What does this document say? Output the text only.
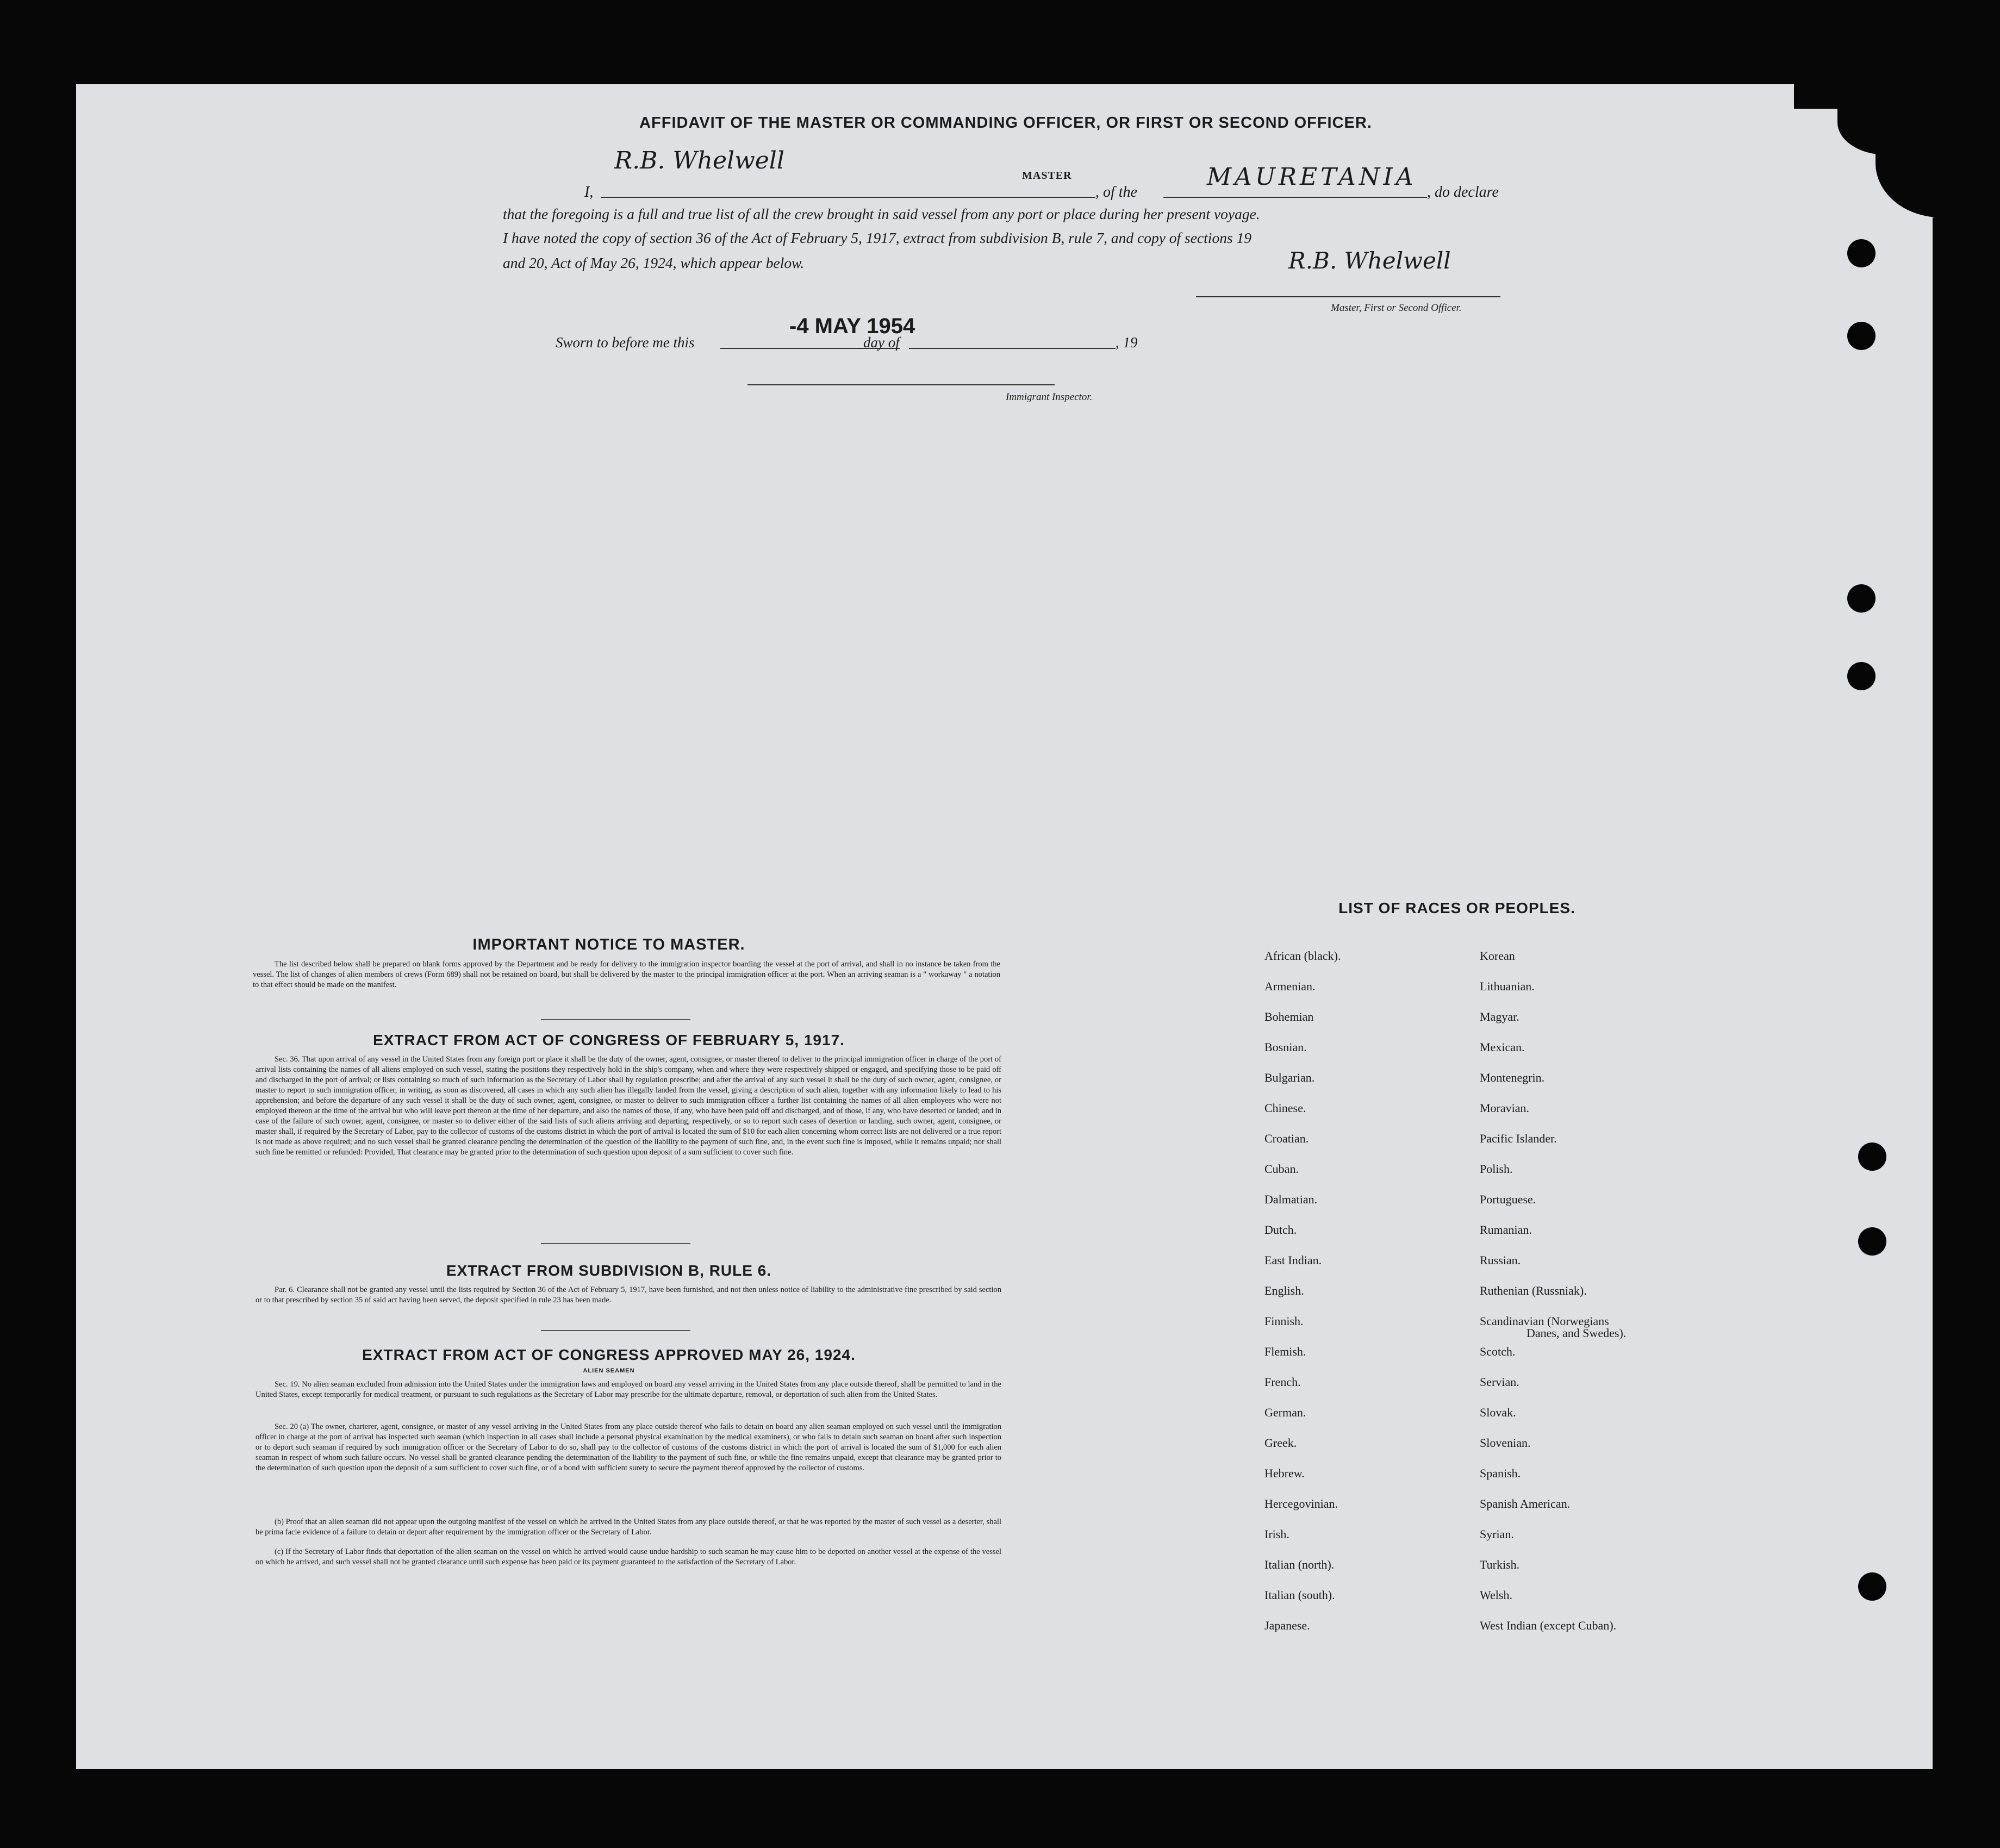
AFFIDAVIT OF THE MASTER OR COMMANDING OFFICER, OR FIRST OR SECOND OFFICER.
I,
R.B. Whelwell
MASTER
, of the
MAURETANIA
, do declare
that the foregoing is a full and true list of all the crew brought in said vessel from any port or place during her present voyage.
I have noted the copy of section 36 of the Act of February 5, 1917, extract from subdivision B, rule 7, and copy of sections 19
and 20, Act of May 26, 1924, which appear below.	R.B. Whelwell
Master, First or Second Officer.
Sworn to before me this
-4 MAY 1954
day of	, 19
Immigrant Inspector.
IMPORTANT NOTICE TO MASTER.
The list described below shall be prepared on blank forms approved by the Department and be ready for delivery to the immigration inspector boarding the vessel at the port of arrival, and shall in no instance be taken from the vessel. The list of changes of alien members of crews (Form 689) shall not be retained on board, but shall be delivered by the master to the principal immigration officer at the port. When an arriving seaman is a " workaway " a notation to that effect should be made on the manifest.
EXTRACT FROM ACT OF CONGRESS OF FEBRUARY 5, 1917.
Sec. 36. That upon arrival of any vessel in the United States from any foreign port or place it shall be the duty of the owner, agent, consignee, or master thereof to deliver to the principal immigration officer in charge of the port of arrival lists containing the names of all aliens employed on such vessel, stating the positions they respectively hold in the ship's company, when and where they were respectively shipped or engaged, and specifying those to be paid off and discharged in the port of arrival; or lists containing so much of such information as the Secretary of Labor shall by regulation prescribe; and after the arrival of any such vessel it shall be the duty of such owner, agent, consignee, or master to report to such immigration officer, in writing, as soon as discovered, all cases in which any such alien has illegally landed from the vessel, giving a description of such alien, together with any information likely to lead to his apprehension; and before the departure of any such vessel it shall be the duty of such owner, agent, consignee, or master to deliver to such immigration officer a further list containing the names of all alien employees who were not employed thereon at the time of the arrival but who will leave port thereon at the time of her departure, and also the names of those, if any, who have been paid off and discharged, and of those, if any, who have deserted or landed; and in case of the failure of such owner, agent, consignee, or master so to deliver either of the said lists of such aliens arriving and departing, respectively, or so to report such cases of desertion or landing, such owner, agent, consignee, or master shall, if required by the Secretary of Labor, pay to the collector of customs of the customs district in which the port of arrival is located the sum of $10 for each alien concerning whom correct lists are not delivered or a true report is not made as above required; and no such vessel shall be granted clearance pending the determination of the question of the liability to the payment of such fine, and, in the event such fine is imposed, while it remains unpaid; nor shall such fine be remitted or refunded: Provided, That clearance may be granted prior to the determination of such question upon deposit of a sum sufficient to cover such fine.
EXTRACT FROM SUBDIVISION B, RULE 6.
Par. 6. Clearance shall not be granted any vessel until the lists required by Section 36 of the Act of February 5, 1917, have been furnished, and not then unless notice of liability to the administrative fine prescribed by said section or to that prescribed by section 35 of said act having been served, the deposit specified in rule 23 has been made.
EXTRACT FROM ACT OF CONGRESS APPROVED MAY 26, 1924.
ALIEN SEAMEN
Sec. 19. No alien seaman excluded from admission into the United States under the immigration laws and employed on board any vessel arriving in the United States from any place outside thereof, shall be permitted to land in the United States, except temporarily for medical treatment, or pursuant to such regulations as the Secretary of Labor may prescribe for the ultimate departure, removal, or deportation of such alien from the United States.
Sec. 20 (a) The owner, charterer, agent, consignee, or master of any vessel arriving in the United States from any place outside thereof who fails to detain on board any alien seaman employed on such vessel until the immigration officer in charge at the port of arrival has inspected such seaman (which inspection in all cases shall include a personal physical examination by the medical examiners), or who fails to detain such seaman on board after such inspection or to deport such seaman if required by such immigration officer or the Secretary of Labor to do so, shall pay to the collector of customs of the customs district in which the port of arrival is located the sum of $1,000 for each alien seaman in respect of whom such failure occurs. No vessel shall be granted clearance pending the determination of the liability to the payment of such fine, or while the fine remains unpaid, except that clearance may be granted prior to the determination of such question upon the deposit of a sum sufficient to cover such fine, or of a bond with sufficient surety to secure the payment thereof approved by the collector of customs.
(b) Proof that an alien seaman did not appear upon the outgoing manifest of the vessel on which he arrived in the United States from any place outside thereof, or that he was reported by the master of such vessel as a deserter, shall be prima facie evidence of a failure to detain or deport after requirement by the immigration officer or the Secretary of Labor.
(c) If the Secretary of Labor finds that deportation of the alien seaman on the vessel on which he arrived would cause undue hardship to such seaman he may cause him to be deported on another vessel at the expense of the vessel on which he arrived, and such vessel shall not be granted clearance until such expense has been paid or its payment guaranteed to the satisfaction of the Secretary of Labor.
LIST OF RACES OR PEOPLES.
African (black).
Armenian.
Bohemian
Bosnian.
Bulgarian.
Chinese.
Croatian.
Cuban.
Dalmatian.
Dutch.
East Indian.
English.
Finnish.
Flemish.
French.
German.
Greek.
Hebrew.
Hercegovinian.
Irish.
Italian (north).
Italian (south).
Japanese.
Korean
Lithuanian.
Magyar.
Mexican.
Montenegrin.
Moravian.
Pacific Islander.
Polish.
Portuguese.
Rumanian.
Russian.
Ruthenian (Russniak).
Scandinavian (Norwegians
Danes, and Swedes).
Scotch.
Servian.
Slovak.
Slovenian.
Spanish.
Spanish American.
Syrian.
Turkish.
Welsh.
West Indian (except Cuban).
